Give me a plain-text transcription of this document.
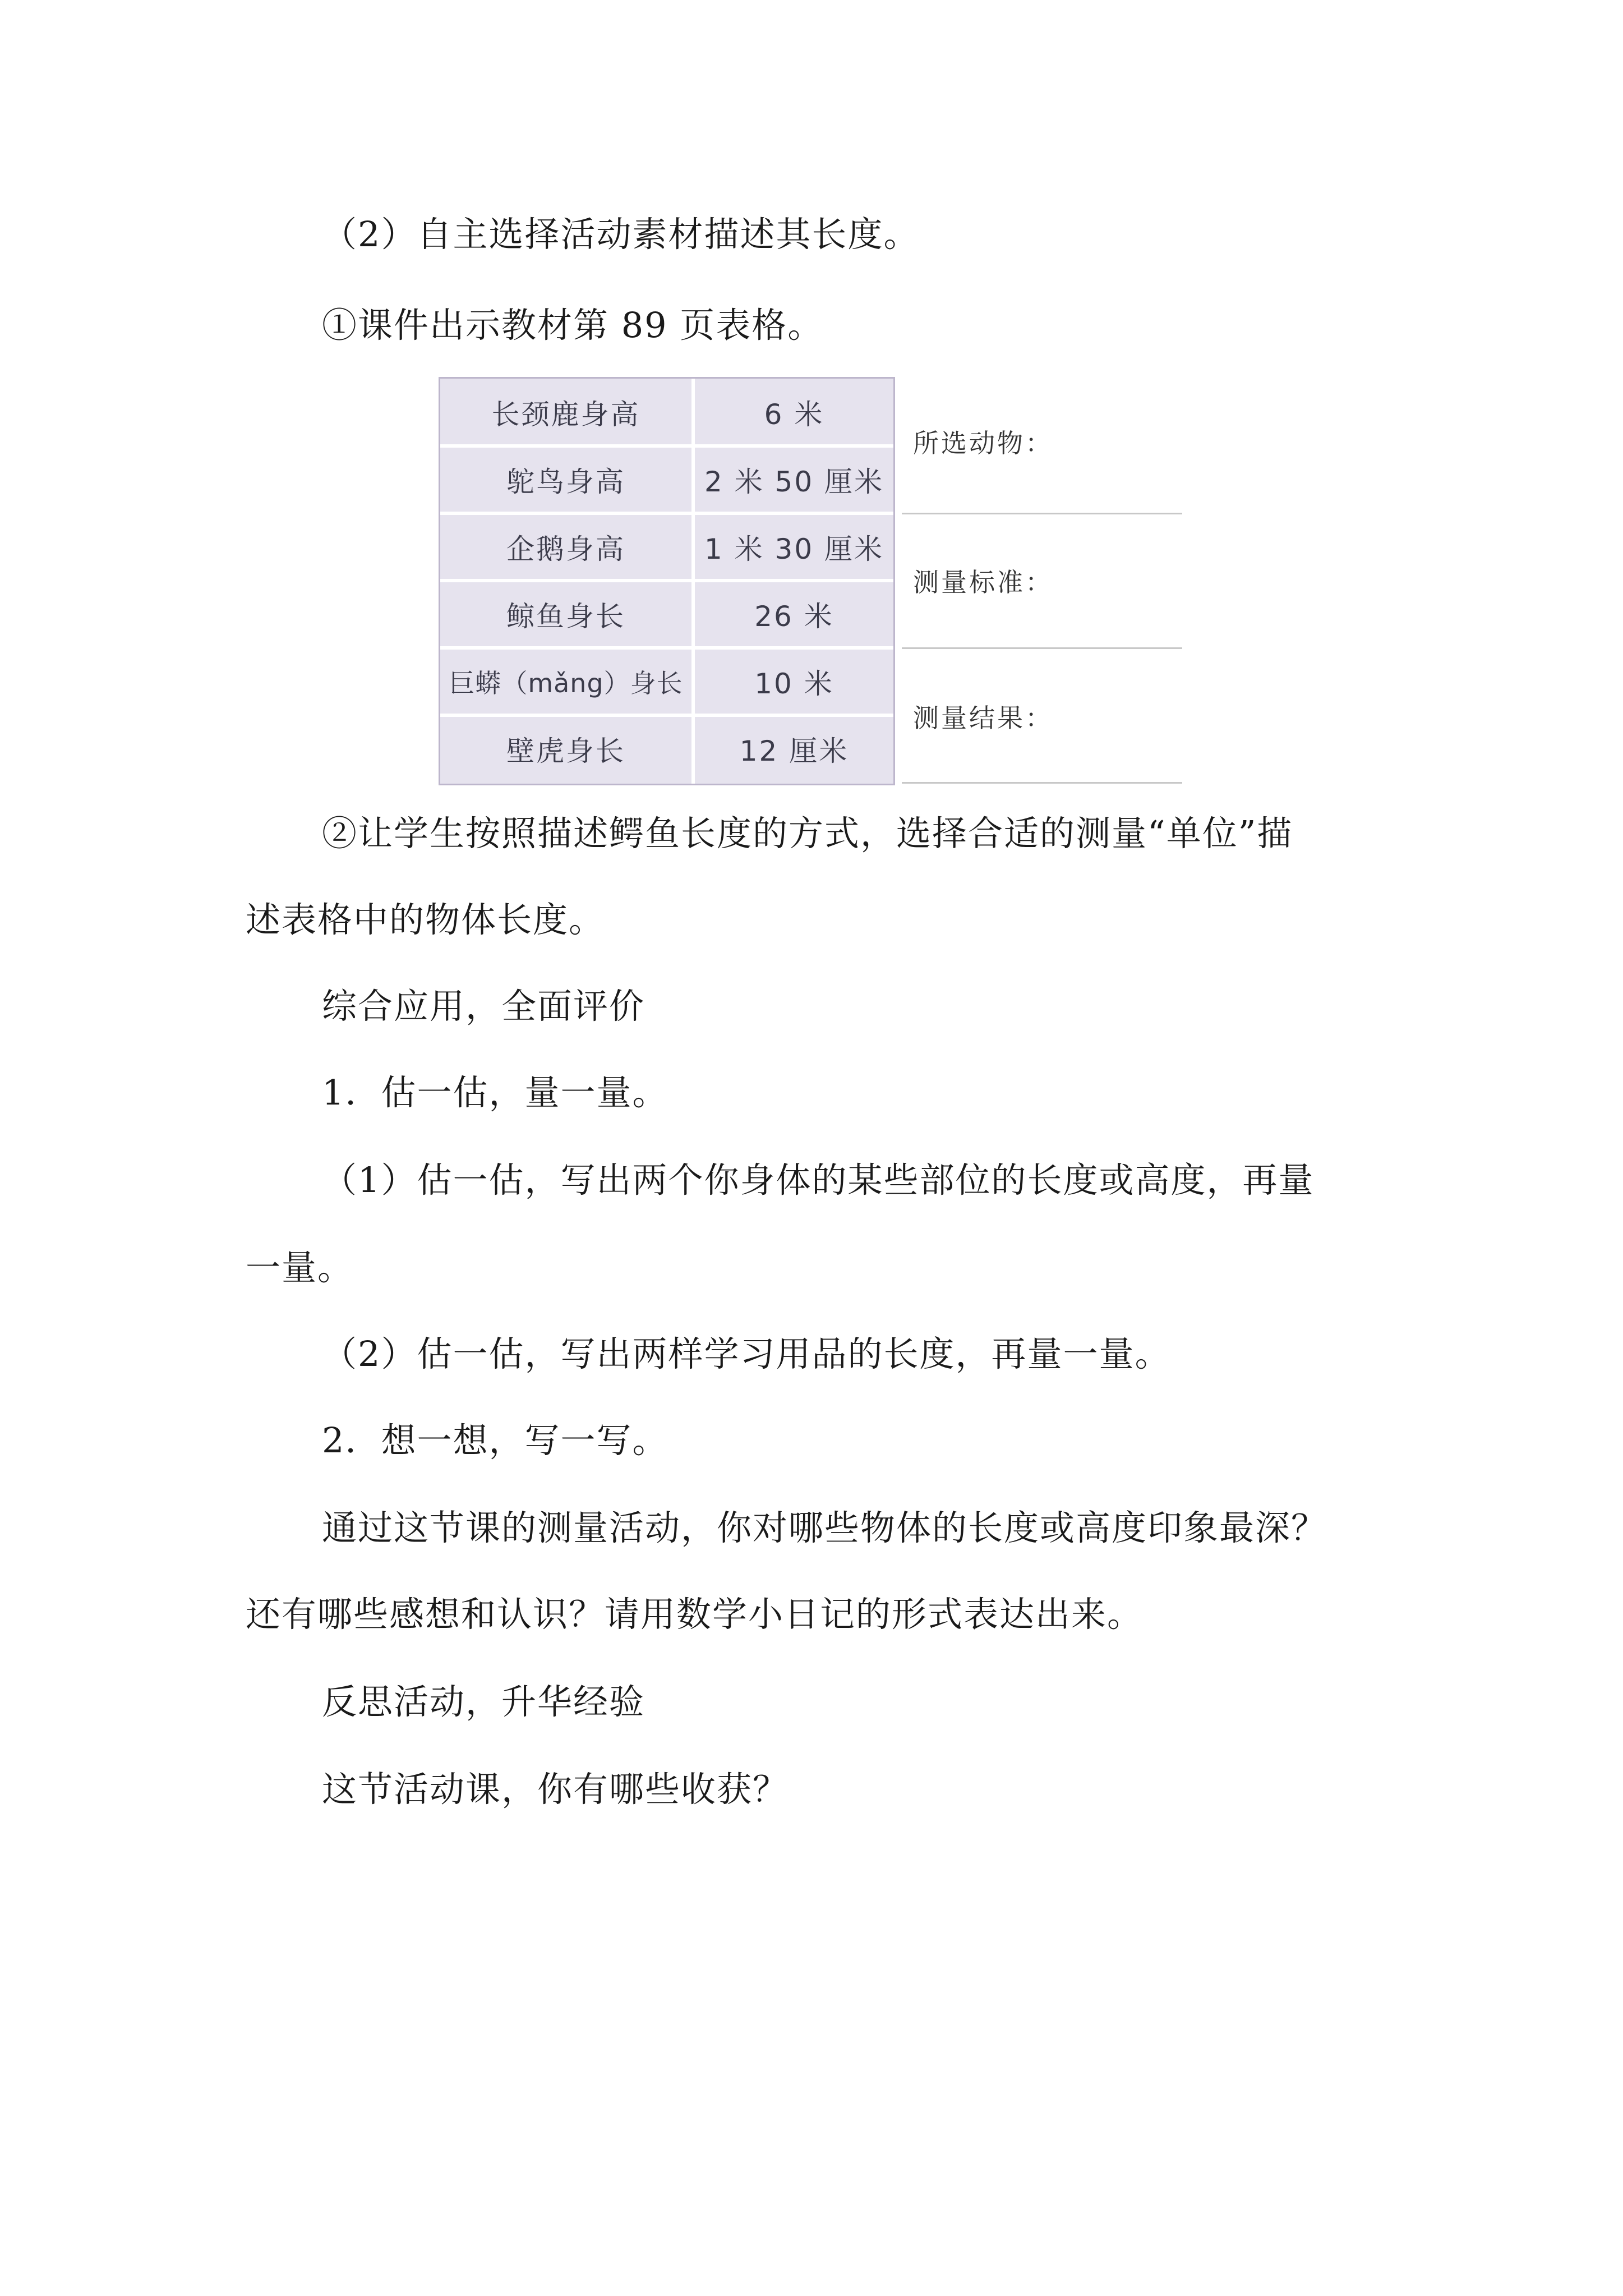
（2）自主选择活动素材描述其长度。
①课件出示教材第 89 页表格。
长颈鹿身高	6 米
鸵鸟身高	2 米 50 厘米
企鹅身高	1 米 30 厘米
鲸鱼身长	26 米
巨蟒（mǎng）身长	10 米
壁虎身长	12 厘米
所选动物：
测量标准：
测量结果：
②让学生按照描述鳄鱼长度的方式，选择合适的测量“单位”描
述表格中的物体长度。
综合应用，全面评价
1．估一估，量一量。
（1）估一估，写出两个你身体的某些部位的长度或高度，再量
一量。
（2）估一估，写出两样学习用品的长度，再量一量。
2．想一想，写一写。
通过这节课的测量活动，你对哪些物体的长度或高度印象最深？
还有哪些感想和认识？请用数学小日记的形式表达出来。
反思活动，升华经验
这节活动课，你有哪些收获？
